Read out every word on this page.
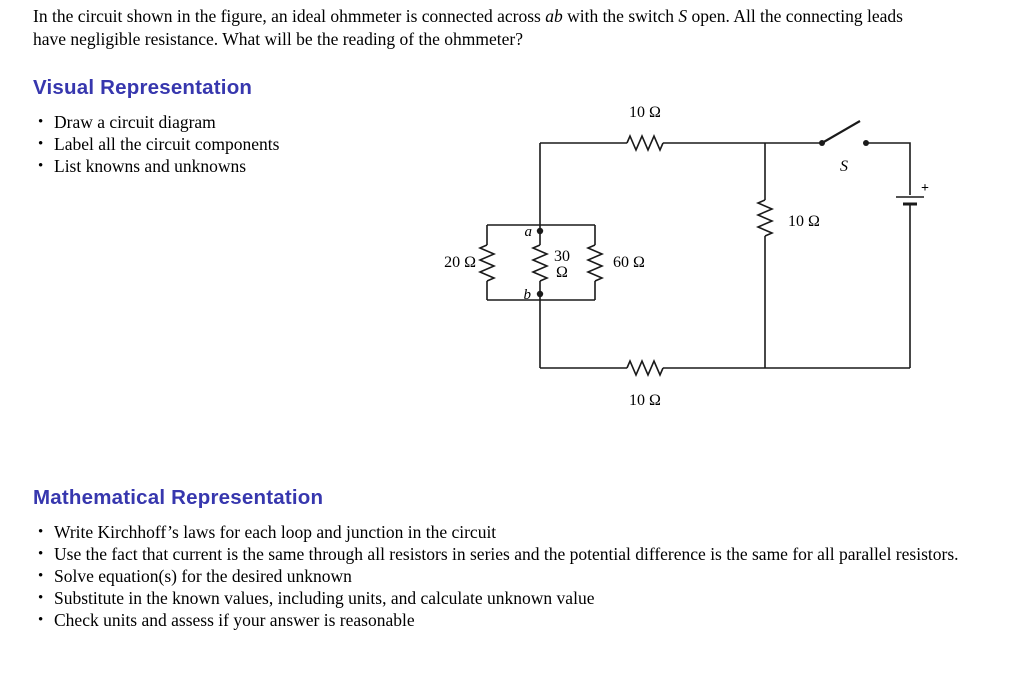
In the circuit shown in the figure, an ideal ohmmeter is connected across ab with the switch S open. All the connecting leads have negligible resistance. What will be the reading of the ohmmeter?

Visual Representation
• Draw a circuit diagram
• Label all the circuit components
• List knowns and unknowns
+
10 Ω
10 Ω
10 Ω
20 Ω	30
Ω
60 Ω
S
a
b
Mathematical Representation
• Write Kirchhoff’s laws for each loop and junction in the circuit
• Use the fact that current is the same through all resistors in series and the potential difference is the same for all parallel resistors.
• Solve equation(s) for the desired unknown
• Substitute in the known values, including units, and calculate unknown value
• Check units and assess if your answer is reasonable
